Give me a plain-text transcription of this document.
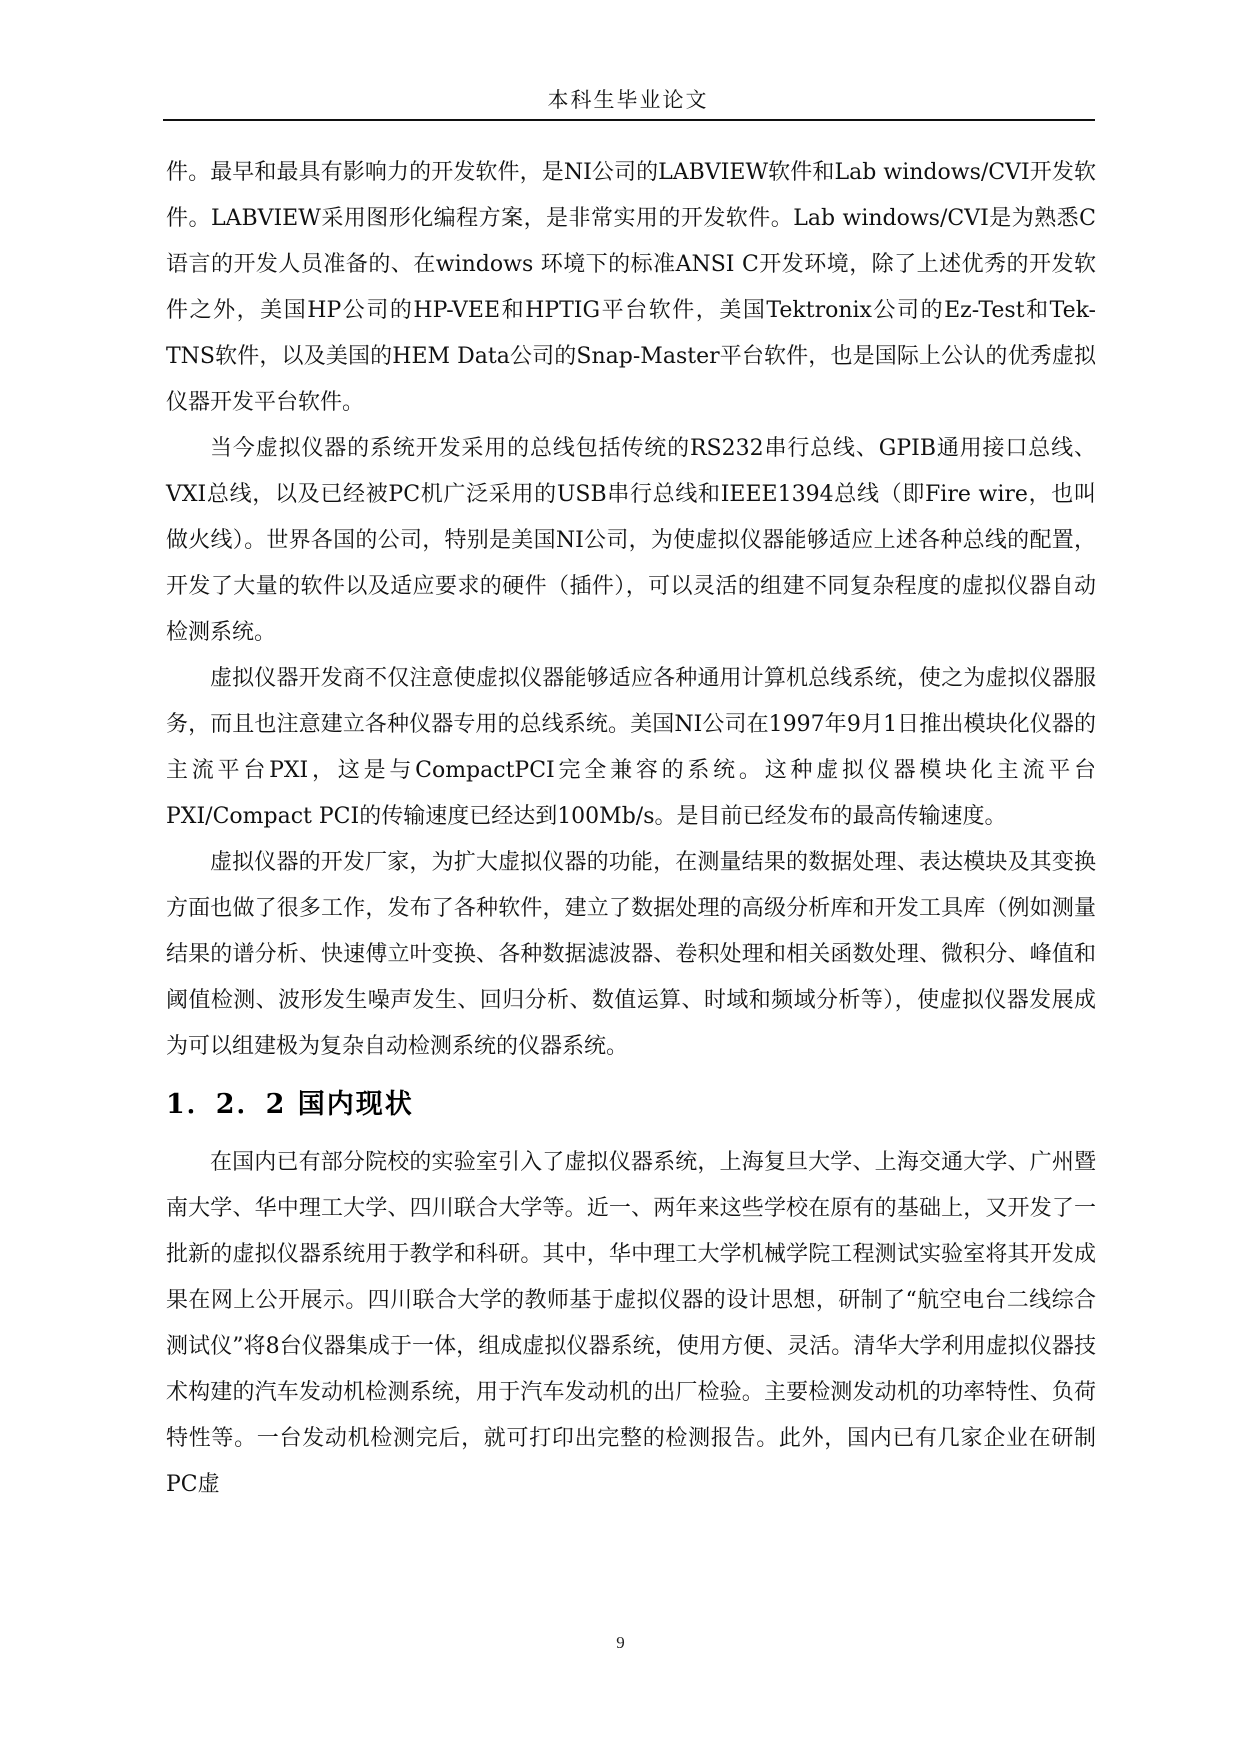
本科生毕业论文

件。最早和最具有影响力的开发软件，是NI公司的LABVIEW软件和Lab windows/CVI开发软件。LABVIEW采用图形化编程方案，是非常实用的开发软件。Lab windows/CVI是为熟悉C语言的开发人员准备的、在windows 环境下的标准ANSI C开发环境，除了上述优秀的开发软件之外，美国HP公司的HP-VEE和HPTIG平台软件，美国Tektronix公司的Ez-Test和Tek-TNS软件，以及美国的HEM Data公司的Snap-Master平台软件，也是国际上公认的优秀虚拟仪器开发平台软件。

当今虚拟仪器的系统开发采用的总线包括传统的RS232串行总线、GPIB通用接口总线、VXI总线，以及已经被PC机广泛采用的USB串行总线和IEEE1394总线（即Fire wire，也叫做火线）。世界各国的公司，特别是美国NI公司，为使虚拟仪器能够适应上述各种总线的配置，开发了大量的软件以及适应要求的硬件（插件），可以灵活的组建不同复杂程度的虚拟仪器自动检测系统。

虚拟仪器开发商不仅注意使虚拟仪器能够适应各种通用计算机总线系统，使之为虚拟仪器服务，而且也注意建立各种仪器专用的总线系统。美国NI公司在1997年9月1日推出模块化仪器的主流平台PXI，这是与CompactPCI完全兼容的系统。这种虚拟仪器模块化主流平台PXI/Compact PCI的传输速度已经达到100Mb/s。是目前已经发布的最高传输速度。

虚拟仪器的开发厂家，为扩大虚拟仪器的功能，在测量结果的数据处理、表达模块及其变换方面也做了很多工作，发布了各种软件，建立了数据处理的高级分析库和开发工具库（例如测量结果的谱分析、快速傅立叶变换、各种数据滤波器、卷积处理和相关函数处理、微积分、峰值和阈值检测、波形发生噪声发生、回归分析、数值运算、时域和频域分析等），使虚拟仪器发展成为可以组建极为复杂自动检测系统的仪器系统。

1．2．2 国内现状

在国内已有部分院校的实验室引入了虚拟仪器系统，上海复旦大学、上海交通大学、广州暨南大学、华中理工大学、四川联合大学等。近一、两年来这些学校在原有的基础上，又开发了一批新的虚拟仪器系统用于教学和科研。其中，华中理工大学机械学院工程测试实验室将其开发成果在网上公开展示。四川联合大学的教师基于虚拟仪器的设计思想，研制了“航空电台二线综合测试仪”将8台仪器集成于一体，组成虚拟仪器系统，使用方便、灵活。清华大学利用虚拟仪器技术构建的汽车发动机检测系统，用于汽车发动机的出厂检验。主要检测发动机的功率特性、负荷特性等。一台发动机检测完后，就可打印出完整的检测报告。此外，国内已有几家企业在研制PC虚

9
